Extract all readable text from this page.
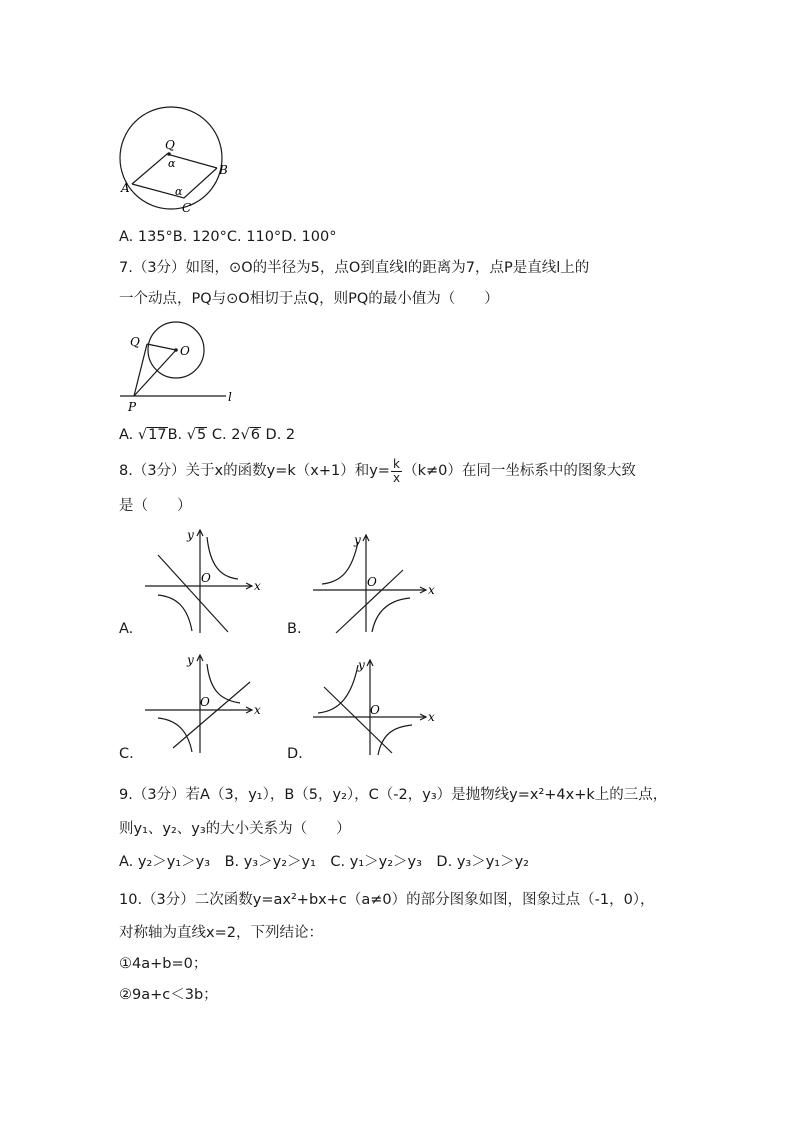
Q
α
A
B
α
C
A. 135°B. 120°C. 110°D. 100°
7.（3分）如图，⊙O的半径为5，点O到直线l的距离为7，点P是直线l上的
一个动点，PQ与⊙O相切于点Q，则PQ的最小值为（　　）
Q
O
P
l
A. √17B. √5 C. 2√6 D. 2
8.（3分）关于x的函数y=k（x+1）和$y= \frac{k}{x} (k\ne 0)$在同一坐标系中的图象大致
是（　　）
y
O
x
A.
y
O
x
B.
y
O
x
C.
y
O	x
D.
9.（3分）若A（3，y₁），B（5，y₂），C（-2，y₃）是抛物线y=x²+4x+k上的三点，
则y₁、y₂、y₃的大小关系为（　　）
A. y₂＞y₁＞y₃　B. y₃＞y₂＞y₁　C. y₁＞y₂＞y₃　D. y₃＞y₁＞y₂
10.（3分）二次函数y=ax²+bx+c（a≠0）的部分图象如图，图象过点（-1，0），
对称轴为直线x=2，下列结论：
①4a+b=0；
②9a+c＜3b；
